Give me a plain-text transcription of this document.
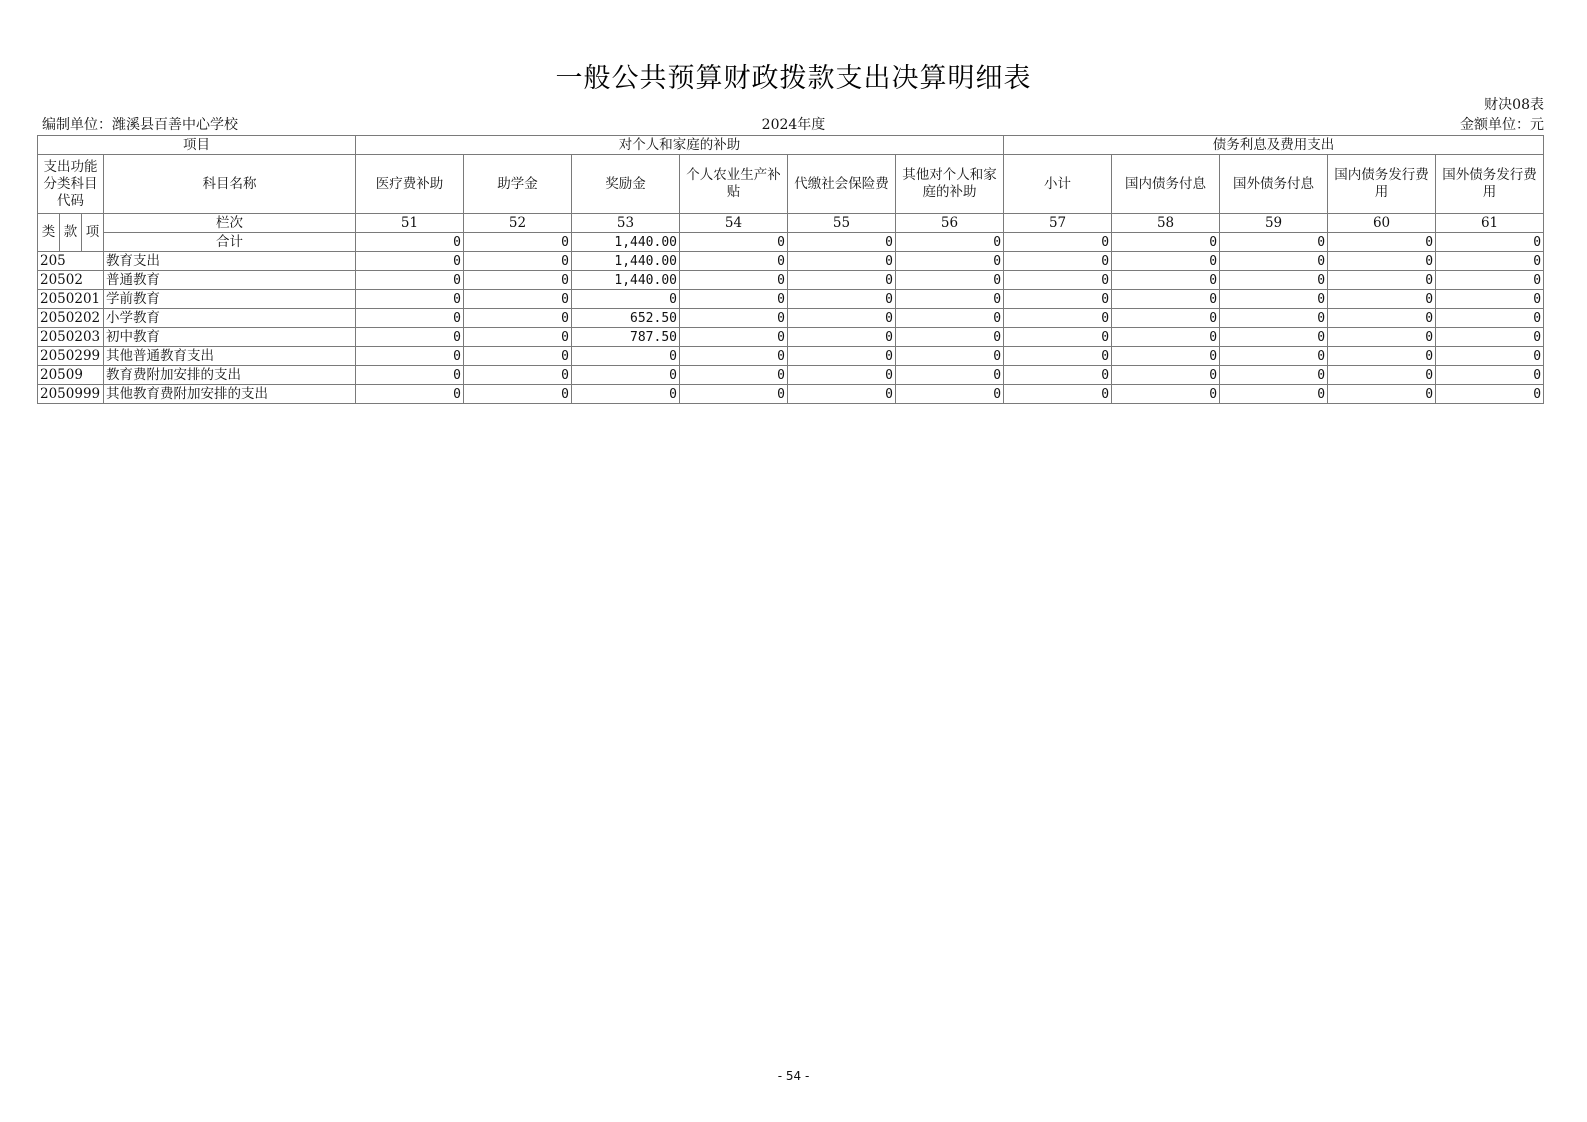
一般公共预算财政拨款支出决算明细表
财决08表
编制单位：潍溪县百善中心学校	2024年度	金额单位：元
项目				对个人和家庭的补助						债务利息及费用支出				
支出功能分类科目代码			科目名称	医疗费补助	助学金	奖励金	个人农业生产补贴	代缴社会保险费	其他对个人和家庭的补助	小计	国内债务付息	国外债务付息	国内债务发行费用	国外债务发行费用
类	款	项	栏次	51	52	53	54	55	56	57	58	59	60	61
			合计	0	0	1,440.00	0	0	0	0	0	0	0	0
205			教育支出	0	0	1,440.00	0	0	0	0	0	0	0	0
20502			普通教育	0	0	1,440.00	0	0	0	0	0	0	0	0
2050201			学前教育	0	0	0	0	0	0	0	0	0	0	0
2050202			小学教育	0	0	652.50	0	0	0	0	0	0	0	0
2050203			初中教育	0	0	787.50	0	0	0	0	0	0	0	0
2050299			其他普通教育支出	0	0	0	0	0	0	0	0	0	0	0
20509			教育费附加安排的支出	0	0	0	0	0	0	0	0	0	0	0
2050999			其他教育费附加安排的支出	0	0	0	0	0	0	0	0	0	0	0
- 54 -
